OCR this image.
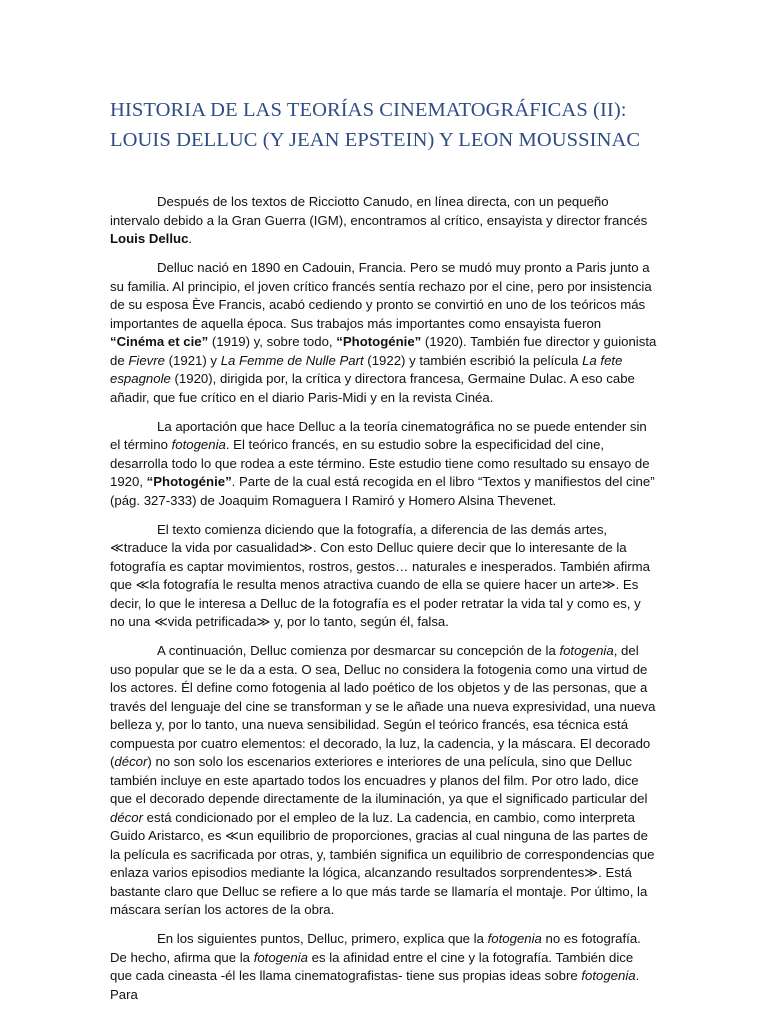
HISTORIA DE LAS TEORÍAS CINEMATOGRÁFICAS (II):
LOUIS DELLUC (Y JEAN EPSTEIN) Y LEON MOUSSINAC

Después de los textos de Ricciotto Canudo, en línea directa, con un pequeño intervalo debido a la Gran Guerra (IGM), encontramos al crítico, ensayista y director francés Louis Delluc.

Delluc nació en 1890 en Cadouin, Francia. Pero se mudó muy pronto a Paris junto a su familia. Al principio, el joven crítico francés sentía rechazo por el cine, pero por insistencia de su esposa Ève Francis, acabó cediendo y pronto se convirtió en uno de los teóricos más importantes de aquella época. Sus trabajos más importantes como ensayista fueron “Cinéma et cie” (1919) y, sobre todo, “Photogénie” (1920). También fue director y guionista de Fievre (1921) y La Femme de Nulle Part (1922) y también escribió la película La fete espagnole (1920), dirigida por, la crítica y directora francesa, Germaine Dulac. A eso cabe añadir, que fue crítico en el diario Paris-Midi y en la revista Cinéa.

La aportación que hace Delluc a la teoría cinematográfica no se puede entender sin el término fotogenia. El teórico francés, en su estudio sobre la especificidad del cine, desarrolla todo lo que rodea a este término. Este estudio tiene como resultado su ensayo de 1920, “Photogénie”. Parte de la cual está recogida en el libro “Textos y manifiestos del cine” (pág. 327-333) de Joaquim Romaguera I Ramiró y Homero Alsina Thevenet.

El texto comienza diciendo que la fotografía, a diferencia de las demás artes, ≪traduce la vida por casualidad≫. Con esto Delluc quiere decir que lo interesante de la fotografía es captar movimientos, rostros, gestos… naturales e inesperados. También afirma que ≪la fotografía le resulta menos atractiva cuando de ella se quiere hacer un arte≫. Es decir, lo que le interesa a Delluc de la fotografía es el poder retratar la vida tal y como es, y no una ≪vida petrificada≫ y, por lo tanto, según él, falsa.

A continuación, Delluc comienza por desmarcar su concepción de la fotogenia, del uso popular que se le da a esta. O sea, Delluc no considera la fotogenia como una virtud de los actores. Él define como fotogenia al lado poético de los objetos y de las personas, que a través del lenguaje del cine se transforman y se le añade una nueva expresividad, una nueva belleza y, por lo tanto, una nueva sensibilidad. Según el teórico francés, esa técnica está compuesta por cuatro elementos: el decorado, la luz, la cadencia, y la máscara. El decorado (décor) no son solo los escenarios exteriores e interiores de una película, sino que Delluc también incluye en este apartado todos los encuadres y planos del film. Por otro lado, dice que el decorado depende directamente de la iluminación, ya que el significado particular del décor está condicionado por el empleo de la luz. La cadencia, en cambio, como interpreta Guido Aristarco, es ≪un equilibrio de proporciones, gracias al cual ninguna de las partes de la película es sacrificada por otras, y, también significa un equilibrio de correspondencias que enlaza varios episodios mediante la lógica, alcanzando resultados sorprendentes≫. Está bastante claro que Delluc se refiere a lo que más tarde se llamaría el montaje. Por último, la máscara serían los actores de la obra.

En los siguientes puntos, Delluc, primero, explica que la fotogenia no es fotografía. De hecho, afirma que la fotogenia es la afinidad entre el cine y la fotografía. También dice que cada cineasta -él les llama cinematografistas- tiene sus propias ideas sobre fotogenia. Para
